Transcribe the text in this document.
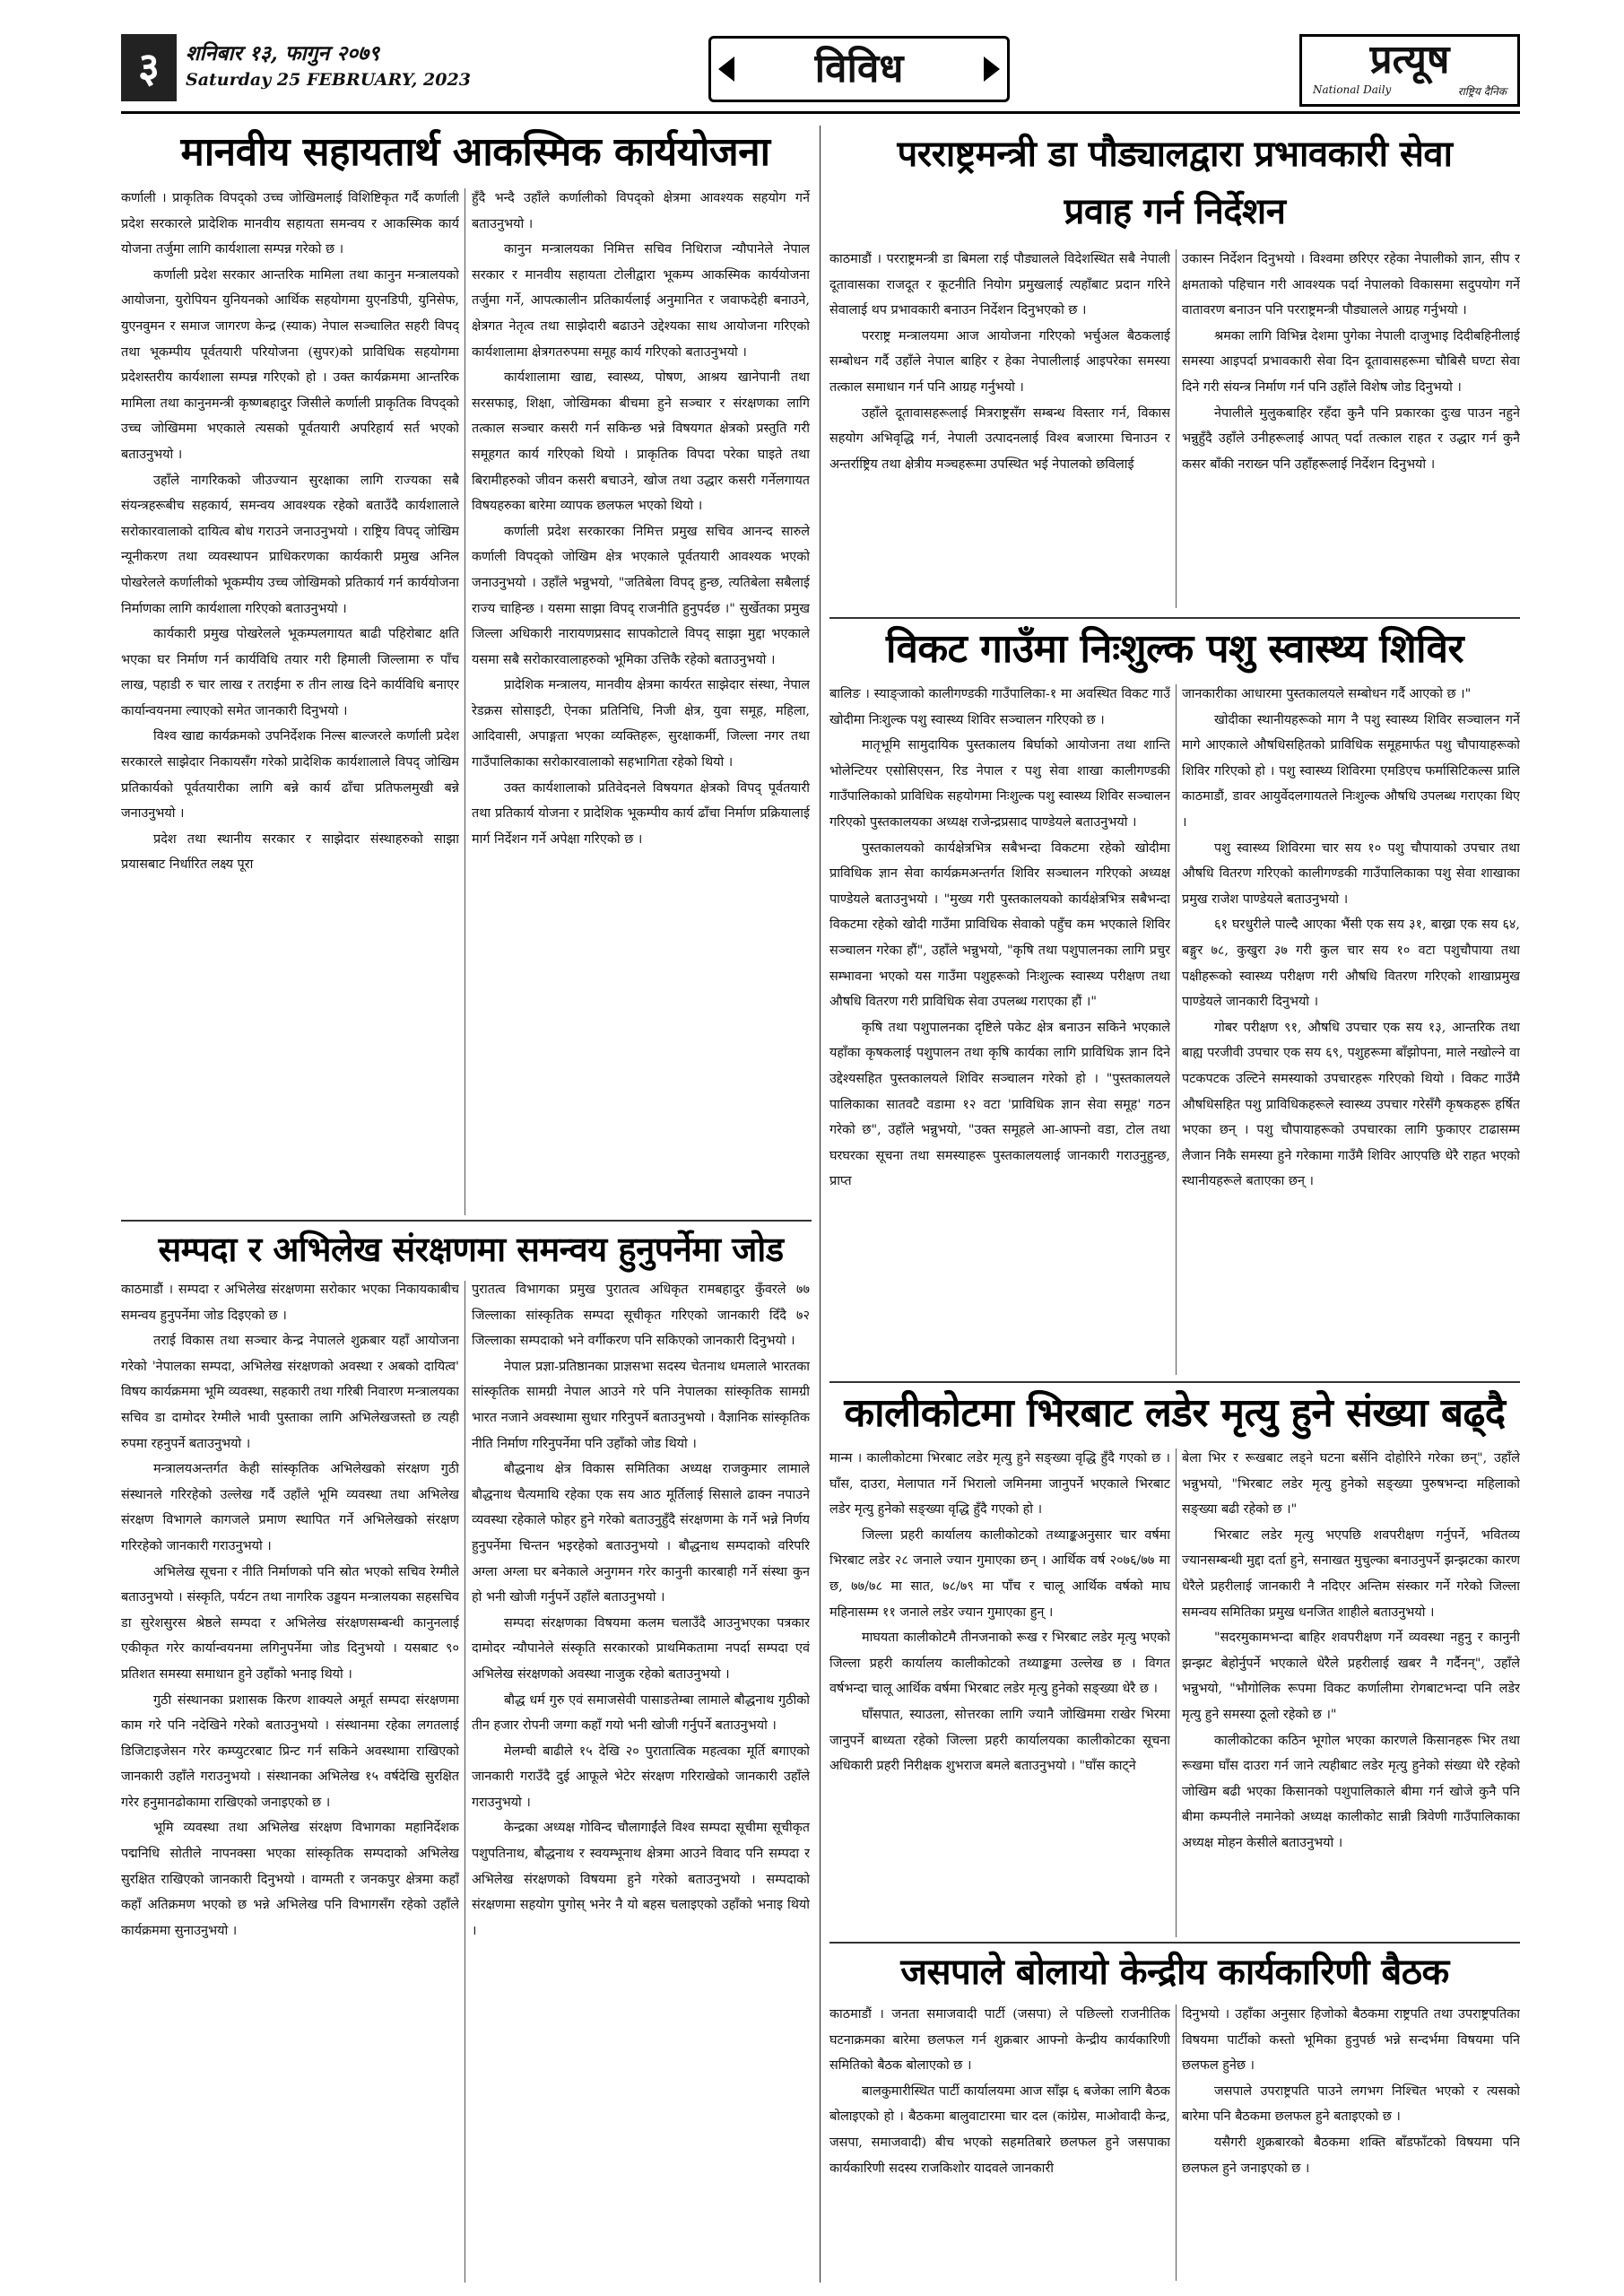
३	शनिबार १३, फागुन २०७९
Saturday 25 FEBRUARY, 2023	विविध	प्रत्यूष
National Daily	राष्ट्रिय दैनिक
मानवीय सहायतार्थ आकस्मिक कार्ययोजना

कर्णाली । प्राकृतिक विपद्को उच्च जोखिमलाई विशिष्टिकृत गर्दै कर्णाली प्रदेश सरकारले प्रादेशिक मानवीय सहायता समन्वय र आकस्मिक कार्य योजना तर्जुमा लागि कार्यशाला सम्पन्न गरेको छ ।

कर्णाली प्रदेश सरकार आन्तरिक मामिला तथा कानुन मन्त्रालयको आयोजना, युरोपियन युनियनको आर्थिक सहयोगमा युएनडिपी, युनिसेफ, युएनवुमन र समाज जागरण केन्द्र (स्याक) नेपाल सञ्चालित सहरी विपद् तथा भूकम्पीय पूर्वतयारी परियोजना (सुपर)को प्राविधिक सहयोगमा प्रदेशस्तरीय कार्यशाला सम्पन्न गरिएको हो । उक्त कार्यक्रममा आन्तरिक मामिला तथा कानुनमन्त्री कृष्णबहादुर जिसीले कर्णाली प्राकृतिक विपद्को उच्च जोखिममा भएकाले त्यसको पूर्वतयारी अपरिहार्य सर्त भएको बताउनुभयो ।

उहाँले नागरिकको जीउज्यान सुरक्षाका लागि राज्यका सबै संयन्त्रहरूबीच सहकार्य, समन्वय आवश्यक रहेको बताउँदै कार्यशालाले सरोकारवालाको दायित्व बोध गराउने जनाउनुभयो । राष्ट्रिय विपद् जोखिम न्यूनीकरण तथा व्यवस्थापन प्राधिकरणका कार्यकारी प्रमुख अनिल पोखरेलले कर्णालीको भूकम्पीय उच्च जोखिमको प्रतिकार्य गर्न कार्ययोजना निर्माणका लागि कार्यशाला गरिएको बताउनुभयो ।

कार्यकारी प्रमुख पोखरेलले भूकम्पलगायत बाढी पहिरोबाट क्षति भएका घर निर्माण गर्न कार्यविधि तयार गरी हिमाली जिल्लामा रु पाँच लाख, पहाडी रु चार लाख र तराईमा रु तीन लाख दिने कार्यविधि बनाएर कार्यान्वयनमा ल्याएको समेत जानकारी दिनुभयो ।

विश्व खाद्य कार्यक्रमको उपनिर्देशक निल्स बाल्जरले कर्णाली प्रदेश सरकारले साझेदार निकायसँग गरेको प्रादेशिक कार्यशालाले विपद् जोखिम प्रतिकार्यको पूर्वतयारीका लागि बन्ने कार्य ढाँचा प्रतिफलमुखी बन्ने जनाउनुभयो ।

प्रदेश तथा स्थानीय सरकार र साझेदार संस्थाहरुको साझा प्रयासबाट निर्धारित लक्ष्य पूरा

हुँदै भन्दै उहाँले कर्णालीको विपद्को क्षेत्रमा आवश्यक सहयोग गर्ने बताउनुभयो ।

कानुन मन्त्रालयका निमित्त सचिव निधिराज न्यौपानेले नेपाल सरकार र मानवीय सहायता टोलीद्वारा भूकम्प आकस्मिक कार्ययोजना तर्जुमा गर्ने, आपत्कालीन प्रतिकार्यलाई अनुमानित र जवाफदेही बनाउने, क्षेत्रगत नेतृत्व तथा साझेदारी बढाउने उद्देश्यका साथ आयोजना गरिएको कार्यशालामा क्षेत्रगतरुपमा समूह कार्य गरिएको बताउनुभयो ।

कार्यशालामा खाद्य, स्वास्थ्य, पोषण, आश्रय खानेपानी तथा सरसफाइ, शिक्षा, जोखिमका बीचमा हुने सञ्चार र संरक्षणका लागि तत्काल सञ्चार कसरी गर्न सकिन्छ भन्ने विषयगत क्षेत्रको प्रस्तुति गरी समूहगत कार्य गरिएको थियो । प्राकृतिक विपदा परेका घाइते तथा बिरामीहरुको जीवन कसरी बचाउने, खोज तथा उद्धार कसरी गर्नेलगायत विषयहरुका बारेमा व्यापक छलफल भएको थियो ।

कर्णाली प्रदेश सरकारका निमित्त प्रमुख सचिव आनन्द सारुले कर्णाली विपद्को जोखिम क्षेत्र भएकाले पूर्वतयारी आवश्यक भएको जनाउनुभयो । उहाँले भन्नुभयो, "जतिबेला विपद् हुन्छ, त्यतिबेला सबैलाई राज्य चाहिन्छ । यसमा साझा विपद् राजनीति हुनुपर्दछ ।" सुर्खेतका प्रमुख जिल्ला अधिकारी नारायणप्रसाद सापकोटाले विपद् साझा मुद्दा भएकाले यसमा सबै सरोकारवालाहरुको भूमिका उत्तिकै रहेको बताउनुभयो ।

प्रादेशिक मन्त्रालय, मानवीय क्षेत्रमा कार्यरत साझेदार संस्था, नेपाल रेडक्रस सोसाइटी, ऐनका प्रतिनिधि, निजी क्षेत्र, युवा समूह, महिला, आदिवासी, अपाङ्गता भएका व्यक्तिहरू, सुरक्षाकर्मी, जिल्ला नगर तथा गाउँपालिकाका सरोकारवालाको सहभागिता रहेको थियो ।

उक्त कार्यशालाको प्रतिवेदनले विषयगत क्षेत्रको विपद् पूर्वतयारी तथा प्रतिकार्य योजना र प्रादेशिक भूकम्पीय कार्य ढाँचा निर्माण प्रक्रियालाई मार्ग निर्देशन गर्ने अपेक्षा गरिएको छ ।

सम्पदा र अभिलेख संरक्षणमा समन्वय हुनुपर्नेमा जोड

काठमाडौं । सम्पदा र अभिलेख संरक्षणमा सरोकार भएका निकायकाबीच समन्वय हुनुपर्नेमा जोड दिइएको छ ।

तराई विकास तथा सञ्चार केन्द्र नेपालले शुक्रबार यहाँ आयोजना गरेको 'नेपालका सम्पदा, अभिलेख संरक्षणको अवस्था र अबको दायित्व' विषय कार्यक्रममा भूमि व्यवस्था, सहकारी तथा गरिबी निवारण मन्त्रालयका सचिव डा दामोदर रेग्मीले भावी पुस्ताका लागि अभिलेखजस्तो छ त्यही रुपमा रहनुपर्ने बताउनुभयो ।

मन्त्रालयअन्तर्गत केही सांस्कृतिक अभिलेखको संरक्षण गुठी संस्थानले गरिरहेको उल्लेख गर्दै उहाँले भूमि व्यवस्था तथा अभिलेख संरक्षण विभागले कागजले प्रमाण स्थापित गर्ने अभिलेखको संरक्षण गरिरहेको जानकारी गराउनुभयो ।

अभिलेख सूचना र नीति निर्माणको पनि स्रोत भएको सचिव रेग्मीले बताउनुभयो । संस्कृति, पर्यटन तथा नागरिक उड्डयन मन्त्रालयका सहसचिव डा सुरेशसुरस श्रेष्ठले सम्पदा र अभिलेख संरक्षणसम्बन्धी कानुनलाई एकीकृत गरेर कार्यान्वयनमा लगिनुपर्नेमा जोड दिनुभयो । यसबाट ९० प्रतिशत समस्या समाधान हुने उहाँको भनाइ थियो ।

गुठी संस्थानका प्रशासक किरण शाक्यले अमूर्त सम्पदा संरक्षणमा काम गरे पनि नदेखिने गरेको बताउनुभयो । संस्थानमा रहेका लगतलाई डिजिटाइजेसन गरेर कम्प्युटरबाट प्रिन्ट गर्न सकिने अवस्थामा राखिएको जानकारी उहाँले गराउनुभयो । संस्थानका अभिलेख १५ वर्षदेखि सुरक्षित गरेर हनुमानढोकामा राखिएको जनाइएको छ ।

भूमि व्यवस्था तथा अभिलेख संरक्षण विभागका महानिर्देशक पद्मनिधि सोतीले नापनक्सा भएका सांस्कृतिक सम्पदाको अभिलेख सुरक्षित राखिएको जानकारी दिनुभयो । वाग्मती र जनकपुर क्षेत्रमा कहाँ कहाँ अतिक्रमण भएको छ भन्ने अभिलेख पनि विभागसँग रहेको उहाँले कार्यक्रममा सुनाउनुभयो ।

पुरातत्व विभागका प्रमुख पुरातत्व अधिकृत रामबहादुर कुँवरले ७७ जिल्लाका सांस्कृतिक सम्पदा सूचीकृत गरिएको जानकारी दिँदै ७२ जिल्लाका सम्पदाको भने वर्गीकरण पनि सकिएको जानकारी दिनुभयो ।

नेपाल प्रज्ञा-प्रतिष्ठानका प्राज्ञसभा सदस्य चेतनाथ धमलाले भारतका सांस्कृतिक सामग्री नेपाल आउने गरे पनि नेपालका सांस्कृतिक सामग्री भारत नजाने अवस्थामा सुधार गरिनुपर्ने बताउनुभयो । वैज्ञानिक सांस्कृतिक नीति निर्माण गरिनुपर्नेमा पनि उहाँको जोड थियो ।

बौद्धनाथ क्षेत्र विकास समितिका अध्यक्ष राजकुमार लामाले बौद्धनाथ चैत्यमाथि रहेका एक सय आठ मूर्तिलाई सिसाले ढाक्न नपाउने व्यवस्था रहेकाले फोहर हुने गरेको बताउनुहुँदै संरक्षणमा के गर्ने भन्ने निर्णय हुनुपर्नेमा चिन्तन भइरहेको बताउनुभयो । बौद्धनाथ सम्पदाको वरिपरि अग्ला अग्ला घर बनेकाले अनुगमन गरेर कानुनी कारबाही गर्ने संस्था कुन हो भनी खोजी गर्नुपर्ने उहाँले बताउनुभयो ।

सम्पदा संरक्षणका विषयमा कलम चलाउँदै आउनुभएका पत्रकार दामोदर न्यौपानेले संस्कृति सरकारको प्राथमिकतामा नपर्दा सम्पदा एवं अभिलेख संरक्षणको अवस्था नाजुक रहेको बताउनुभयो ।

बौद्ध धर्म गुरु एवं समाजसेवी पासाङतेम्बा लामाले बौद्धनाथ गुठीको तीन हजार रोपनी जग्गा कहाँ गयो भनी खोजी गर्नुपर्ने बताउनुभयो ।

मेलम्ची बाढीले १५ देखि २० पुरातात्विक महत्वका मूर्ति बगाएको जानकारी गराउँदै दुई आफूले भेटेर संरक्षण गरिराखेको जानकारी उहाँले गराउनुभयो ।

केन्द्रका अध्यक्ष गोविन्द चौलागाईंले विश्व सम्पदा सूचीमा सूचीकृत पशुपतिनाथ, बौद्धनाथ र स्वयम्भूनाथ क्षेत्रमा आउने विवाद पनि सम्पदा र अभिलेख संरक्षणको विषयमा हुने गरेको बताउनुभयो । सम्पदाको संरक्षणमा सहयोग पुगोस् भनेर नै यो बहस चलाइएको उहाँको भनाइ थियो ।

परराष्ट्रमन्त्री डा पौड्यालद्वारा प्रभावकारी सेवा
प्रवाह गर्न निर्देशन

काठमाडौं । परराष्ट्रमन्त्री डा बिमला राई पौड्यालले विदेशस्थित सबै नेपाली दूतावासका राजदूत र कूटनीति नियोग प्रमुखलाई त्यहाँबाट प्रदान गरिने सेवालाई थप प्रभावकारी बनाउन निर्देशन दिनुभएको छ ।

परराष्ट्र मन्त्रालयमा आज आयोजना गरिएको भर्चुअल बैठकलाई सम्बोधन गर्दै उहाँले नेपाल बाहिर र हेका नेपालीलाई आइपरेका समस्या तत्काल समाधान गर्न पनि आग्रह गर्नुभयो ।

उहाँले दूतावासहरूलाई मित्रराष्ट्रसँग सम्बन्ध विस्तार गर्न, विकास सहयोग अभिवृद्धि गर्न, नेपाली उत्पादनलाई विश्व बजारमा चिनाउन र अन्तर्राष्ट्रिय तथा क्षेत्रीय मञ्चहरूमा उपस्थित भई नेपालको छविलाई

उकास्न निर्देशन दिनुभयो । विश्वमा छरिएर रहेका नेपालीको ज्ञान, सीप र क्षमताको पहिचान गरी आवश्यक पर्दा नेपालको विकासमा सदुपयोग गर्ने वातावरण बनाउन पनि परराष्ट्रमन्त्री पौड्यालले आग्रह गर्नुभयो ।

श्रमका लागि विभिन्न देशमा पुगेका नेपाली दाजुभाइ दिदीबहिनीलाई समस्या आइपर्दा प्रभावकारी सेवा दिन दूतावासहरूमा चौबिसै घण्टा सेवा दिने गरी संयन्त्र निर्माण गर्न पनि उहाँले विशेष जोड दिनुभयो ।

नेपालीले मुलुकबाहिर रहँदा कुनै पनि प्रकारका दुःख पाउन नहुने भन्नुहुँदै उहाँले उनीहरूलाई आपत् पर्दा तत्काल राहत र उद्धार गर्न कुनै कसर बाँकी नराख्न पनि उहाँहरूलाई निर्देशन दिनुभयो ।

विकट गाउँमा निःशुल्क पशु स्वास्थ्य शिविर

बालिङ । स्याङ्जाको कालीगण्डकी गाउँपालिका-१ मा अवस्थित विकट गाउँ खोदीमा निःशुल्क पशु स्वास्थ्य शिविर सञ्चालन गरिएको छ ।

मातृभूमि सामुदायिक पुस्तकालय बिर्घाको आयोजना तथा शान्ति भोलेन्टियर एसोसिएसन, रिड नेपाल र पशु सेवा शाखा कालीगण्डकी गाउँपालिकाको प्राविधिक सहयोगमा निःशुल्क पशु स्वास्थ्य शिविर सञ्चालन गरिएको पुस्तकालयका अध्यक्ष राजेन्द्रप्रसाद पाण्डेयले बताउनुभयो ।

पुस्तकालयको कार्यक्षेत्रभित्र सबैभन्दा विकटमा रहेको खोदीमा प्राविधिक ज्ञान सेवा कार्यक्रमअन्तर्गत शिविर सञ्चालन गरिएको अध्यक्ष पाण्डेयले बताउनुभयो । "मुख्य गरी पुस्तकालयको कार्यक्षेत्रभित्र सबैभन्दा विकटमा रहेको खोदी गाउँमा प्राविधिक सेवाको पहुँच कम भएकाले शिविर सञ्चालन गरेका हौं", उहाँले भन्नुभयो, "कृषि तथा पशुपालनका लागि प्रचुर सम्भावना भएको यस गाउँमा पशुहरूको निःशुल्क स्वास्थ्य परीक्षण तथा औषधि वितरण गरी प्राविधिक सेवा उपलब्ध गराएका हौं ।"

कृषि तथा पशुपालनका दृष्टिले पकेट क्षेत्र बनाउन सकिने भएकाले यहाँका कृषकलाई पशुपालन तथा कृषि कार्यका लागि प्राविधिक ज्ञान दिने उद्देश्यसहित पुस्तकालयले शिविर सञ्चालन गरेको हो । "पुस्तकालयले पालिकाका सातवटै वडामा १२ वटा 'प्राविधिक ज्ञान सेवा समूह' गठन गरेको छ", उहाँले भन्नुभयो, "उक्त समूहले आ-आफ्नो वडा, टोल तथा घरघरका सूचना तथा समस्याहरू पुस्तकालयलाई जानकारी गराउनुहुन्छ, प्राप्त

जानकारीका आधारमा पुस्तकालयले सम्बोधन गर्दै आएको छ ।"

खोदीका स्थानीयहरूको माग नै पशु स्वास्थ्य शिविर सञ्चालन गर्ने मागे आएकाले औषधिसहितको प्राविधिक समूहमार्फत पशु चौपायाहरूको शिविर गरिएको हो । पशु स्वास्थ्य शिविरमा एमडिएच फर्मासिटिकल्स प्रालि काठमाडौं, डावर आयुर्वेदलगायतले निःशुल्क औषधि उपलब्ध गराएका थिए ।

पशु स्वास्थ्य शिविरमा चार सय १० पशु चौपायाको उपचार तथा औषधि वितरण गरिएको कालीगण्डकी गाउँपालिकाका पशु सेवा शाखाका प्रमुख राजेश पाण्डेयले बताउनुभयो ।

६१ घरधुरीले पाल्दै आएका भैंसी एक सय ३१, बाख्रा एक सय ६४, बङ्गुर ७८, कुखुरा ३७ गरी कुल चार सय १० वटा पशुचौपाया तथा पक्षीहरूको स्वास्थ्य परीक्षण गरी औषधि वितरण गरिएको शाखाप्रमुख पाण्डेयले जानकारी दिनुभयो ।

गोबर परीक्षण ९१, औषधि उपचार एक सय १३, आन्तरिक तथा बाह्य परजीवी उपचार एक सय ६९, पशुहरूमा बाँझोपना, माले नखोल्ने वा पटकपटक उल्टिने समस्याको उपचारहरू गरिएको थियो । विकट गाउँमै औषधिसहित पशु प्राविधिकहरूले स्वास्थ्य उपचार गरेसँगै कृषकहरू हर्षित भएका छन् । पशु चौपायाहरूको उपचारका लागि फुकाएर टाढासम्म लैजान निकै समस्या हुने गरेकामा गाउँमै शिविर आएपछि धेरै राहत भएको स्थानीयहरूले बताएका छन् ।

कालीकोटमा भिरबाट लडेर मृत्यु हुने संख्या बढ्दै

मान्म । कालीकोटमा भिरबाट लडेर मृत्यु हुने सङ्ख्या वृद्धि हुँदै गएको छ । घाँस, दाउरा, मेलापात गर्ने भिरालो जमिनमा जानुपर्ने भएकाले भिरबाट लडेर मृत्यु हुनेको सङ्ख्या वृद्धि हुँदै गएको हो ।

जिल्ला प्रहरी कार्यालय कालीकोटको तथ्याङ्कअनुसार चार वर्षमा भिरबाट लडेर २८ जनाले ज्यान गुमाएका छन् । आर्थिक वर्ष २०७६/७७ मा छ, ७७/७८ मा सात, ७८/७९ मा पाँच र चालू आर्थिक वर्षको माघ महिनासम्म ११ जनाले लडेर ज्यान गुमाएका हुन् ।

माघयता कालीकोटमै तीनजनाको रूख र भिरबाट लडेर मृत्यु भएको जिल्ला प्रहरी कार्यालय कालीकोटको तथ्याङ्कमा उल्लेख छ । विगत वर्षभन्दा चालू आर्थिक वर्षमा भिरबाट लडेर मृत्यु हुनेको सङ्ख्या धेरै छ ।

घाँसपात, स्याउला, सोत्तरका लागि ज्यानै जोखिममा राखेर भिरमा जानुपर्ने बाध्यता रहेको जिल्ला प्रहरी कार्यालयका कालीकोटका सूचना अधिकारी प्रहरी निरीक्षक शुभराज बमले बताउनुभयो । "घाँस काट्ने

बेला भिर र रूखबाट लड्ने घटना बर्सेनि दोहोरिने गरेका छन्", उहाँले भन्नुभयो, "भिरबाट लडेर मृत्यु हुनेको सङ्ख्या पुरुषभन्दा महिलाको सङ्ख्या बढी रहेको छ ।"

भिरबाट लडेर मृत्यु भएपछि शवपरीक्षण गर्नुपर्ने, भवितव्य ज्यानसम्बन्धी मुद्दा दर्ता हुने, सनाखत मुचुल्का बनाउनुपर्ने झन्झटका कारण धेरैले प्रहरीलाई जानकारी नै नदिएर अन्तिम संस्कार गर्ने गरेको जिल्ला समन्वय समितिका प्रमुख धनजित शाहीले बताउनुभयो ।

"सदरमुकामभन्दा बाहिर शवपरीक्षण गर्ने व्यवस्था नहुनु र कानुनी झन्झट बेहोर्नुपर्ने भएकाले धेरैले प्रहरीलाई खबर नै गर्दैनन्", उहाँले भन्नुभयो, "भौगोलिक रूपमा विकट कर्णालीमा रोगबाटभन्दा पनि लडेर मृत्यु हुने समस्या ठूलो रहेको छ ।"

कालीकोटका कठिन भूगोल भएका कारणले किसानहरू भिर तथा रूखमा घाँस दाउरा गर्न जाने त्यहीबाट लडेर मृत्यु हुनेको संख्या धेरै रहेको जोखिम बढी भएका किसानको पशुपालिकाले बीमा गर्न खोजे कुनै पनि बीमा कम्पनीले नमानेको अध्यक्ष कालीकोट सान्नी त्रिवेणी गाउँपालिकाका अध्यक्ष मोहन केसीले बताउनुभयो ।

जसपाले बोलायो केन्द्रीय कार्यकारिणी बैठक

काठमाडौं । जनता समाजवादी पार्टी (जसपा) ले पछिल्लो राजनीतिक घटनाक्रमका बारेमा छलफल गर्न शुक्रबार आफ्नो केन्द्रीय कार्यकारिणी समितिको बैठक बोलाएको छ ।

बालकुमारीस्थित पार्टी कार्यालयमा आज साँझ ६ बजेका लागि बैठक बोलाइएको हो । बैठकमा बालुवाटारमा चार दल (कांग्रेस, माओवादी केन्द्र, जसपा, समाजवादी) बीच भएको सहमतिबारे छलफल हुने जसपाका कार्यकारिणी सदस्य राजकिशोर यादवले जानकारी

दिनुभयो । उहाँका अनुसार हिजोको बैठकमा राष्ट्रपति तथा उपराष्ट्रपतिका विषयमा पार्टीको कस्तो भूमिका हुनुपर्छ भन्ने सन्दर्भमा विषयमा पनि छलफल हुनेछ ।

जसपाले उपराष्ट्रपति पाउने लगभग निश्चित भएको र त्यसको बारेमा पनि बैठकमा छलफल हुने बताइएको छ ।

यसैगरी शुक्रबारको बैठकमा शक्ति बाँडफाँटको विषयमा पनि छलफल हुने जनाइएको छ ।
